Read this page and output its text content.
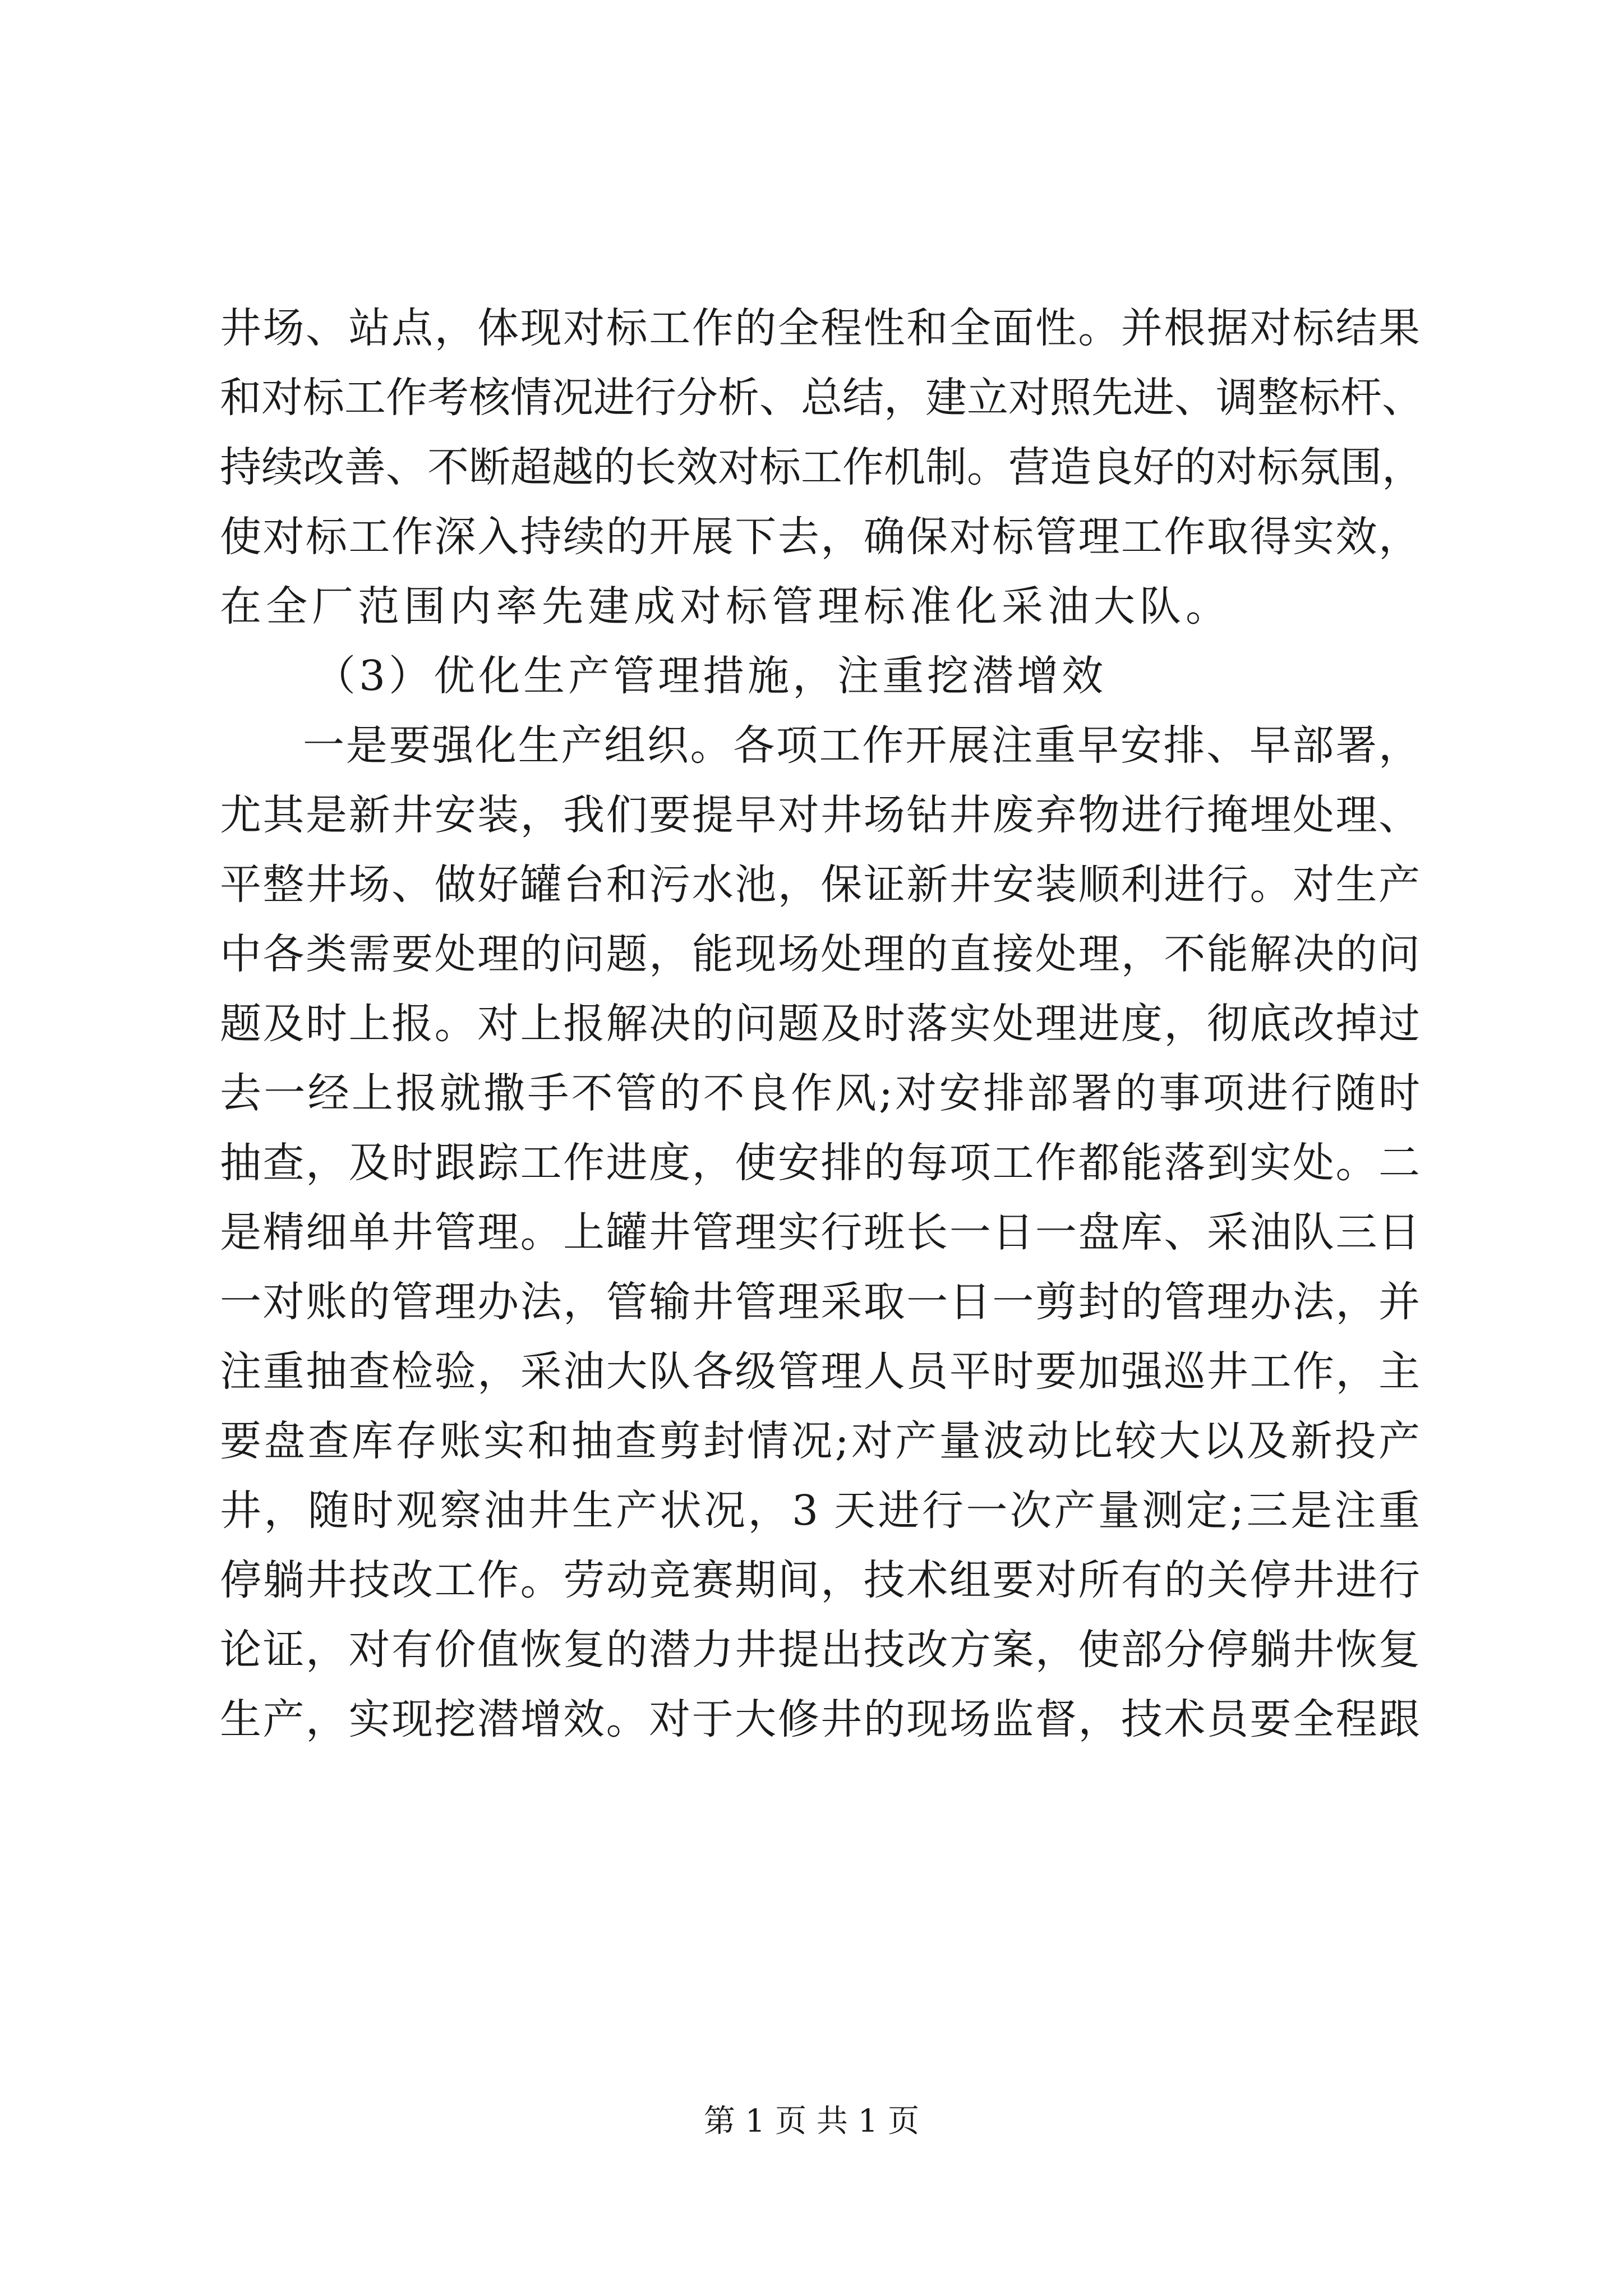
井场、站点，体现对标工作的全程性和全面性。并根据对标结果
和对标工作考核情况进行分析、总结，建立对照先进、调整标杆、
持续改善、不断超越的长效对标工作机制。营造良好的对标氛围，
使对标工作深入持续的开展下去，确保对标管理工作取得实效，
在全厂范围内率先建成对标管理标准化采油大队。
（3）优化生产管理措施，注重挖潜增效
一是要强化生产组织。各项工作开展注重早安排、早部署，
尤其是新井安装，我们要提早对井场钻井废弃物进行掩埋处理、
平整井场、做好罐台和污水池，保证新井安装顺利进行。对生产
中各类需要处理的问题，能现场处理的直接处理，不能解决的问
题及时上报。对上报解决的问题及时落实处理进度，彻底改掉过
去一经上报就撒手不管的不良作风;对安排部署的事项进行随时
抽查，及时跟踪工作进度，使安排的每项工作都能落到实处。二
是精细单井管理。上罐井管理实行班长一日一盘库、采油队三日
一对账的管理办法，管输井管理采取一日一剪封的管理办法，并
注重抽查检验，采油大队各级管理人员平时要加强巡井工作，主
要盘查库存账实和抽查剪封情况;对产量波动比较大以及新投产
井，随时观察油井生产状况，3 天进行一次产量测定;三是注重
停躺井技改工作。劳动竞赛期间，技术组要对所有的关停井进行
论证，对有价值恢复的潜力井提出技改方案，使部分停躺井恢复
生产，实现挖潜增效。对于大修井的现场监督，技术员要全程跟
第 1 页 共 1 页
